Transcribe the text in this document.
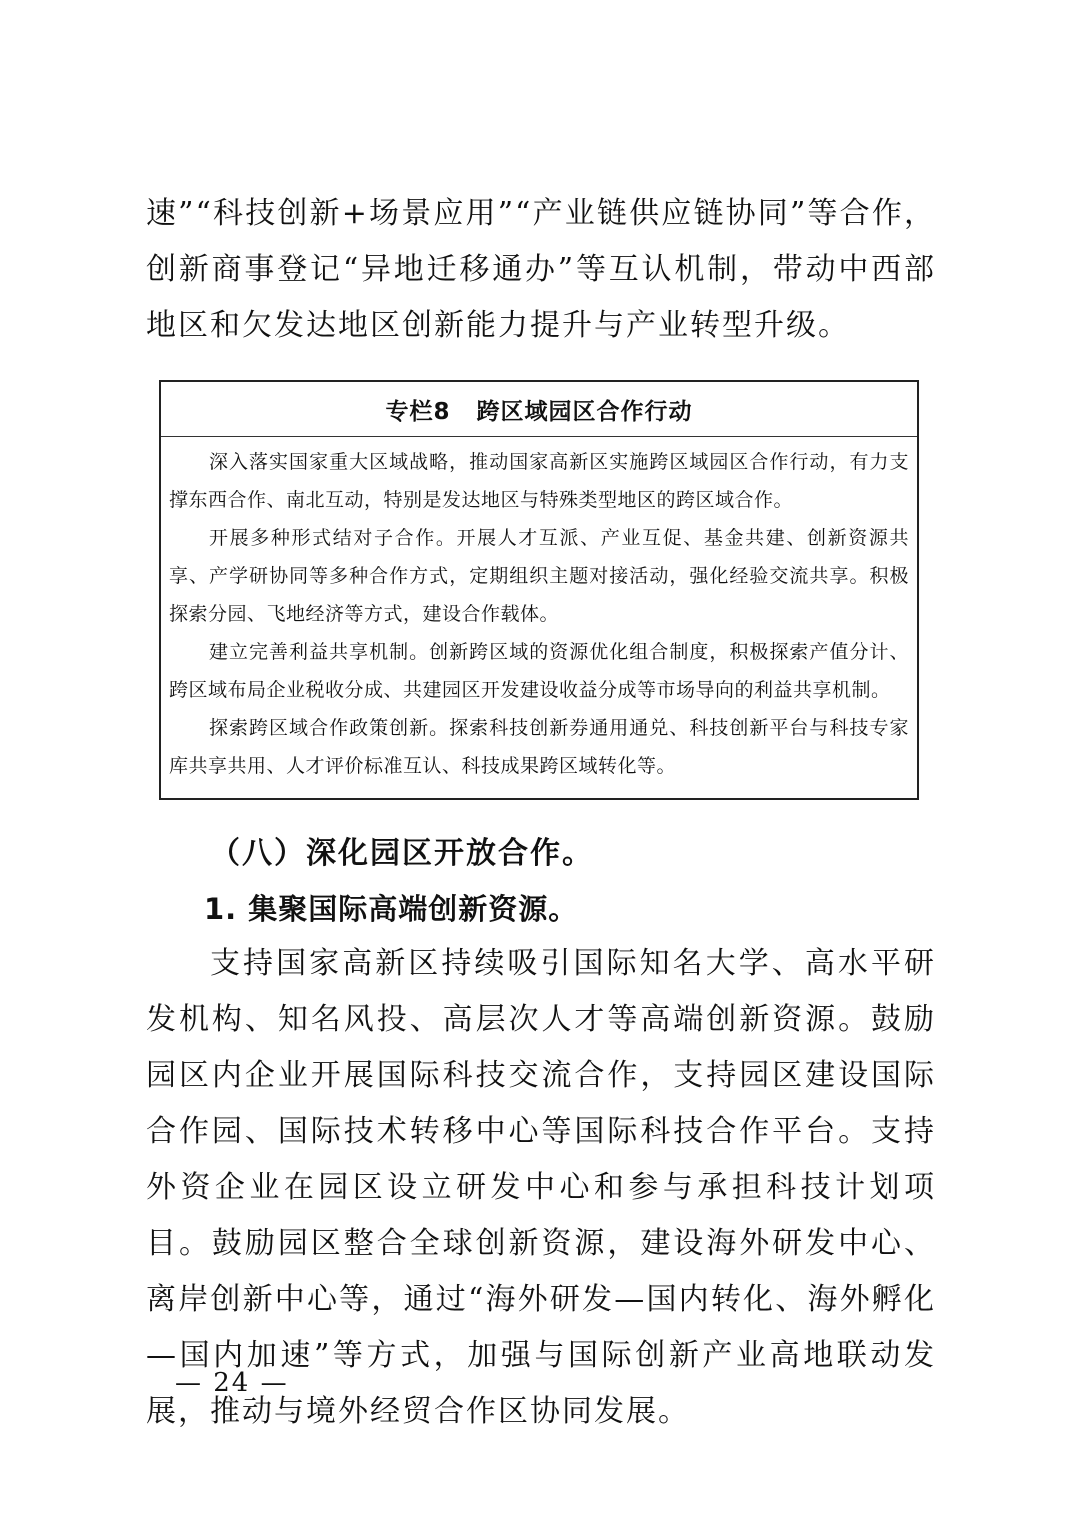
速”“科技创新+场景应用”“产业链供应链协同”等合作，创新商事登记“异地迁移通办”等互认机制，带动中西部地区和欠发达地区创新能力提升与产业转型升级。

专栏8 跨区域园区合作行动

深入落实国家重大区域战略，推动国家高新区实施跨区域园区合作行动，有力支撑东西合作、南北互动，特别是发达地区与特殊类型地区的跨区域合作。

开展多种形式结对子合作。开展人才互派、产业互促、基金共建、创新资源共享、产学研协同等多种合作方式，定期组织主题对接活动，强化经验交流共享。积极探索分园、飞地经济等方式，建设合作载体。

建立完善利益共享机制。创新跨区域的资源优化组合制度，积极探索产值分计、跨区域布局企业税收分成、共建园区开发建设收益分成等市场导向的利益共享机制。

探索跨区域合作政策创新。探索科技创新券通用通兑、科技创新平台与科技专家库共享共用、人才评价标准互认、科技成果跨区域转化等。

（八）深化园区开放合作。
1. 集聚国际高端创新资源。

支持国家高新区持续吸引国际知名大学、高水平研发机构、知名风投、高层次人才等高端创新资源。鼓励园区内企业开展国际科技交流合作，支持园区建设国际合作园、国际技术转移中心等国际科技合作平台。支持外资企业在园区设立研发中心和参与承担科技计划项目。鼓励园区整合全球创新资源，建设海外研发中心、离岸创新中心等，通过“海外研发—国内转化、海外孵化—国内加速”等方式，加强与国际创新产业高地联动发展，推动与境外经贸合作区协同发展。

— 24 —
